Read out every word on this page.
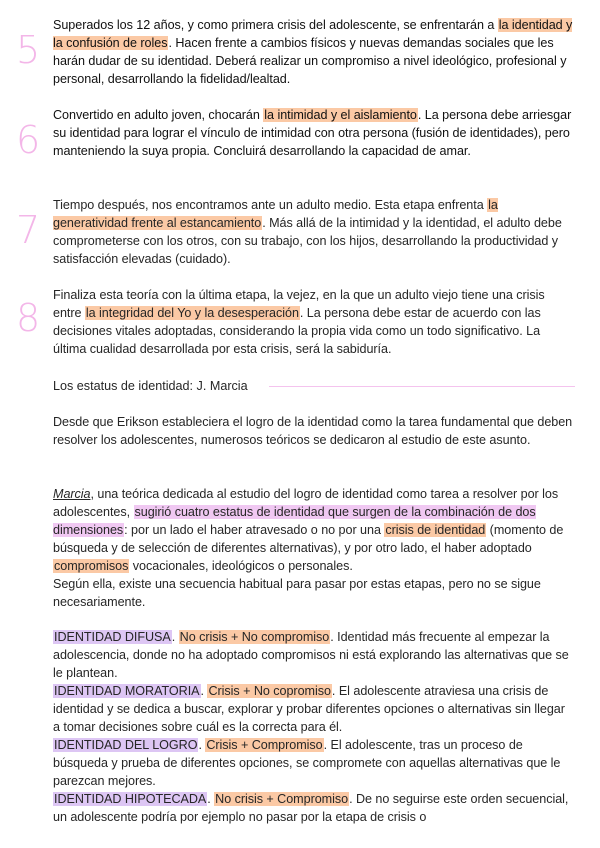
5
6
7
8
Superados los 12 años, y como primera crisis del adolescente, se enfrentarán a la identidad y la confusión de roles. Hacen frente a cambios físicos y nuevas demandas sociales que les harán dudar de su identidad. Deberá realizar un compromiso a nivel ideológico, profesional y personal, desarrollando la fidelidad/lealtad.
Convertido en adulto joven, chocarán la intimidad y el aislamiento. La persona debe arriesgar su identidad para lograr el vínculo de intimidad con otra persona (fusión de identidades), pero manteniendo la suya propia. Concluirá desarrollando la capacidad de amar.
Tiempo después, nos encontramos ante un adulto medio. Esta etapa enfrenta la generatividad frente al estancamiento. Más allá de la intimidad y la identidad, el adulto debe comprometerse con los otros, con su trabajo, con los hijos, desarrollando la productividad y satisfacción elevadas (cuidado).
Finaliza esta teoría con la última etapa, la vejez, en la que un adulto viejo tiene una crisis entre la integridad del Yo y la desesperación. La persona debe estar de acuerdo con las decisiones vitales adoptadas, considerando la propia vida como un todo significativo. La última cualidad desarrollada por esta crisis, será la sabiduría.
Los estatus de identidad: J. Marcia
Desde que Erikson estableciera el logro de la identidad como la tarea fundamental que deben resolver los adolescentes, numerosos teóricos se dedicaron al estudio de este asunto.
Marcia, una teórica dedicada al estudio del logro de identidad como tarea a resolver por los adolescentes, sugirió cuatro estatus de identidad que surgen de la combinación de dos dimensiones: por un lado el haber atravesado o no por una crisis de identidad (momento de búsqueda y de selección de diferentes alternativas), y por otro lado, el haber adoptado compromisos vocacionales, ideológicos o personales.
Según ella, existe una secuencia habitual para pasar por estas etapas, pero no se sigue necesariamente.
IDENTIDAD DIFUSA. No crisis + No compromiso. Identidad más frecuente al empezar la adolescencia, donde no ha adoptado compromisos ni está explorando las alternativas que se le plantean.
IDENTIDAD MORATORIA. Crisis + No copromiso. El adolescente atraviesa una crisis de identidad y se dedica a buscar, explorar y probar diferentes opciones o alternativas sin llegar a tomar decisiones sobre cuál es la correcta para él.
IDENTIDAD DEL LOGRO. Crisis + Compromiso. El adolescente, tras un proceso de búsqueda y prueba de diferentes opciones, se compromete con aquellas alternativas que le parezcan mejores.
IDENTIDAD HIPOTECADA. No crisis + Compromiso. De no seguirse este orden secuencial, un adolescente podría por ejemplo no pasar por la etapa de crisis o
